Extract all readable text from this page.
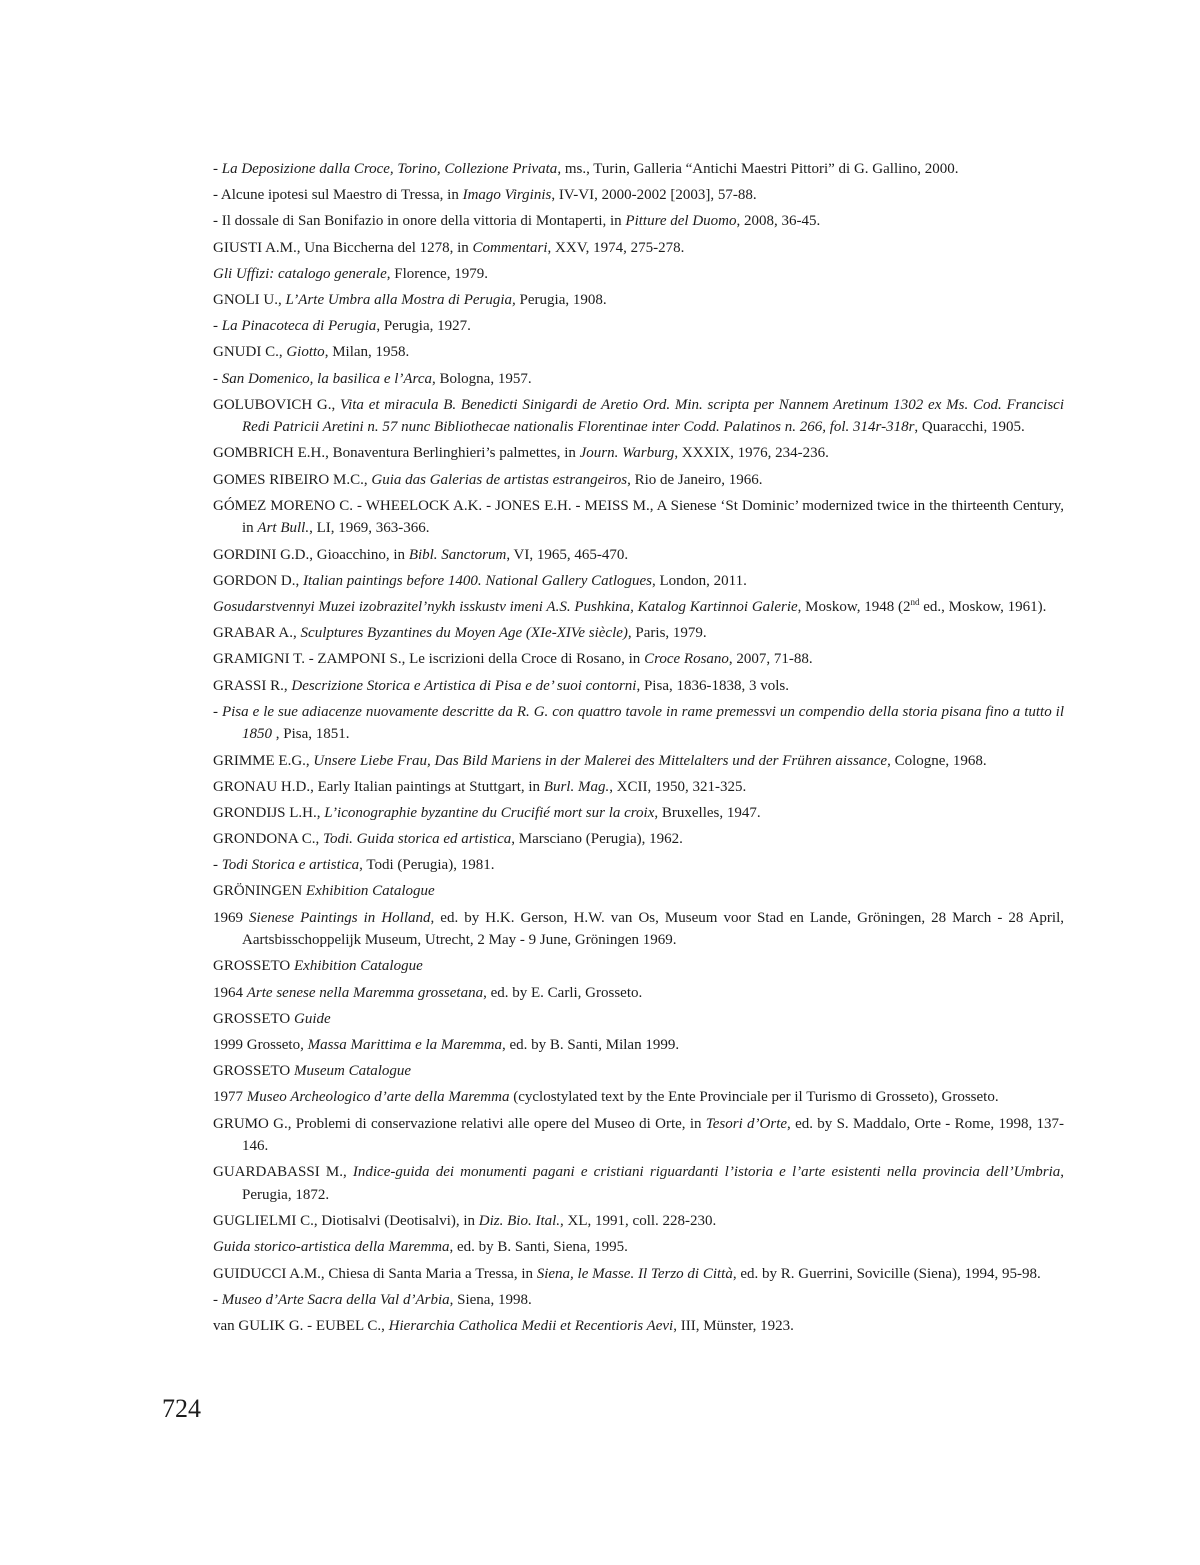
- La Deposizione dalla Croce, Torino, Collezione Privata, ms., Turin, Galleria “Antichi Maestri Pittori” di G. Gallino, 2000.

- Alcune ipotesi sul Maestro di Tressa, in Imago Virginis, IV-VI, 2000-2002 [2003], 57-88.

- Il dossale di San Bonifazio in onore della vittoria di Montaperti, in Pitture del Duomo, 2008, 36-45.

GIUSTI A.M., Una Biccherna del 1278, in Commentari, XXV, 1974, 275-278.

Gli Uffizi: catalogo generale, Florence, 1979.

GNOLI U., L’Arte Umbra alla Mostra di Perugia, Perugia, 1908.

- La Pinacoteca di Perugia, Perugia, 1927.

GNUDI C., Giotto, Milan, 1958.

- San Domenico, la basilica e l’Arca, Bologna, 1957.

GOLUBOVICH G., Vita et miracula B. Benedicti Sinigardi de Aretio Ord. Min. scripta per Nannem Aretinum 1302 ex Ms. Cod. Francisci Redi Patricii Aretini n. 57 nunc Bibliothecae nationalis Florentinae inter Codd. Palatinos n. 266, fol. 314r-318r, Quaracchi, 1905.

GOMBRICH E.H., Bonaventura Berlinghieri’s palmettes, in Journ. Warburg, XXXIX, 1976, 234-236.

GOMES RIBEIRO M.C., Guia das Galerias de artistas estrangeiros, Rio de Janeiro, 1966.

GÓMEZ MORENO C. - WHEELOCK A.K. - JONES E.H. - MEISS M., A Sienese ‘St Dominic’ modernized twice in the thirteenth Century, in Art Bull., LI, 1969, 363-366.

GORDINI G.D., Gioacchino, in Bibl. Sanctorum, VI, 1965, 465-470.

GORDON D., Italian paintings before 1400. National Gallery Catlogues, London, 2011.

Gosudarstvennyi Muzei izobrazitel’nykh isskustv imeni A.S. Pushkina, Katalog Kartinnoi Galerie, Moskow, 1948 (2nd ed., Moskow, 1961).

GRABAR A., Sculptures Byzantines du Moyen Age (XIe-XIVe siècle), Paris, 1979.

GRAMIGNI T. - ZAMPONI S., Le iscrizioni della Croce di Rosano, in Croce Rosano, 2007, 71-88.

GRASSI R., Descrizione Storica e Artistica di Pisa e de’ suoi contorni, Pisa, 1836-1838, 3 vols.

- Pisa e le sue adiacenze nuovamente descritte da R. G. con quattro tavole in rame premessvi un compendio della storia pisana fino a tutto il 1850 , Pisa, 1851.

GRIMME E.G., Unsere Liebe Frau, Das Bild Mariens in der Malerei des Mittelalters und der Frühren aissance, Cologne, 1968.

GRONAU H.D., Early Italian paintings at Stuttgart, in Burl. Mag., XCII, 1950, 321-325.

GRONDIJS L.H., L’iconographie byzantine du Crucifié mort sur la croix, Bruxelles, 1947.

GRONDONA C., Todi. Guida storica ed artistica, Marsciano (Perugia), 1962.

- Todi Storica e artistica, Todi (Perugia), 1981.

GRÖNINGEN Exhibition Catalogue

1969 Sienese Paintings in Holland, ed. by H.K. Gerson, H.W. van Os, Museum voor Stad en Lande, Gröningen, 28 March - 28 April, Aartsbisschoppelijk Museum, Utrecht, 2 May - 9 June, Gröningen 1969.

GROSSETO Exhibition Catalogue

1964 Arte senese nella Maremma grossetana, ed. by E. Carli, Grosseto.

GROSSETO Guide

1999 Grosseto, Massa Marittima e la Maremma, ed. by B. Santi, Milan 1999.

GROSSETO Museum Catalogue

1977 Museo Archeologico d’arte della Maremma (cyclostylated text by the Ente Provinciale per il Turismo di Grosseto), Grosseto.

GRUMO G., Problemi di conservazione relativi alle opere del Museo di Orte, in Tesori d’Orte, ed. by S. Maddalo, Orte - Rome, 1998, 137-146.

GUARDABASSI M., Indice-guida dei monumenti pagani e cristiani riguardanti l’istoria e l’arte esistenti nella provincia dell’Umbria, Perugia, 1872.

GUGLIELMI C., Diotisalvi (Deotisalvi), in Diz. Bio. Ital., XL, 1991, coll. 228-230.

Guida storico-artistica della Maremma, ed. by B. Santi, Siena, 1995.

GUIDUCCI A.M., Chiesa di Santa Maria a Tressa, in Siena, le Masse. Il Terzo di Città, ed. by R. Guerrini, Sovicille (Siena), 1994, 95-98.

- Museo d’Arte Sacra della Val d’Arbia, Siena, 1998.

van GULIK G. - EUBEL C., Hierarchia Catholica Medii et Recentioris Aevi, III, Münster, 1923.

724
